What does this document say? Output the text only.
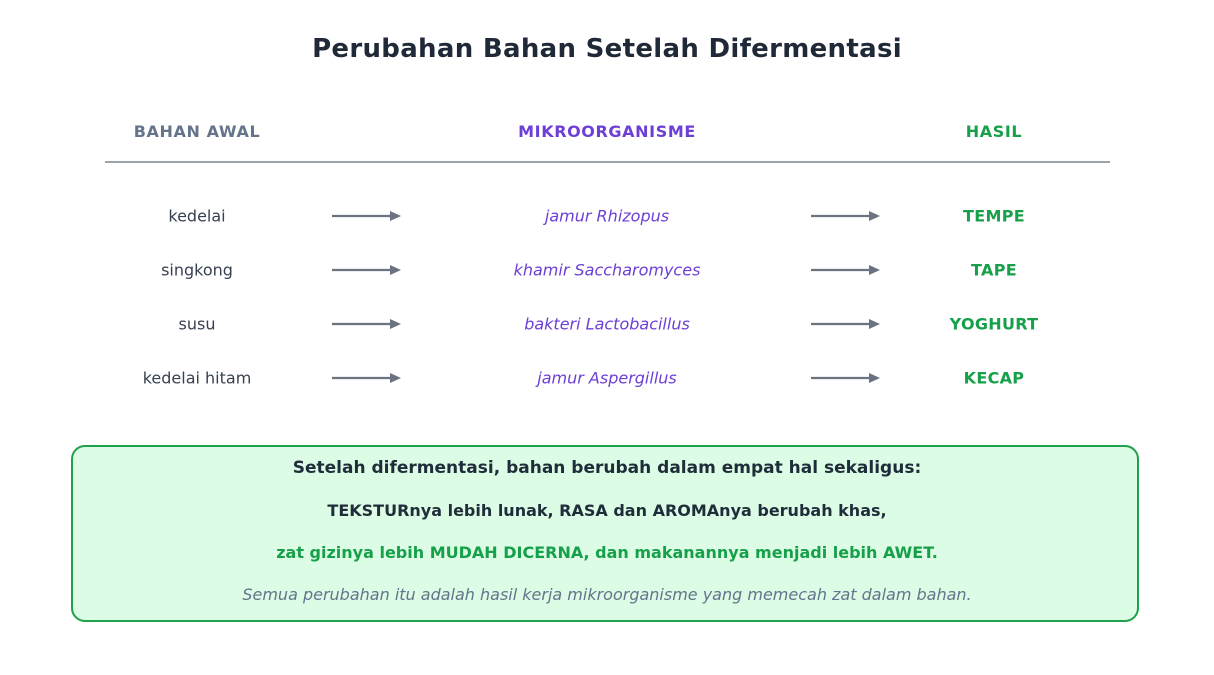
Perubahan Bahan Setelah Difermentasi
BAHAN AWAL	MIKROORGANISME	HASIL
kedelai	jamur Rhizopus	TEMPE
singkong	khamir Saccharomyces	TAPE
susu	bakteri Lactobacillus	YOGHURT
kedelai hitam	jamur Aspergillus	KECAP
Setelah difermentasi, bahan berubah dalam empat hal sekaligus:
TEKSTURnya lebih lunak, RASA dan AROMAnya berubah khas,
zat gizinya lebih MUDAH DICERNA, dan makanannya menjadi lebih AWET.
Semua perubahan itu adalah hasil kerja mikroorganisme yang memecah zat dalam bahan.
